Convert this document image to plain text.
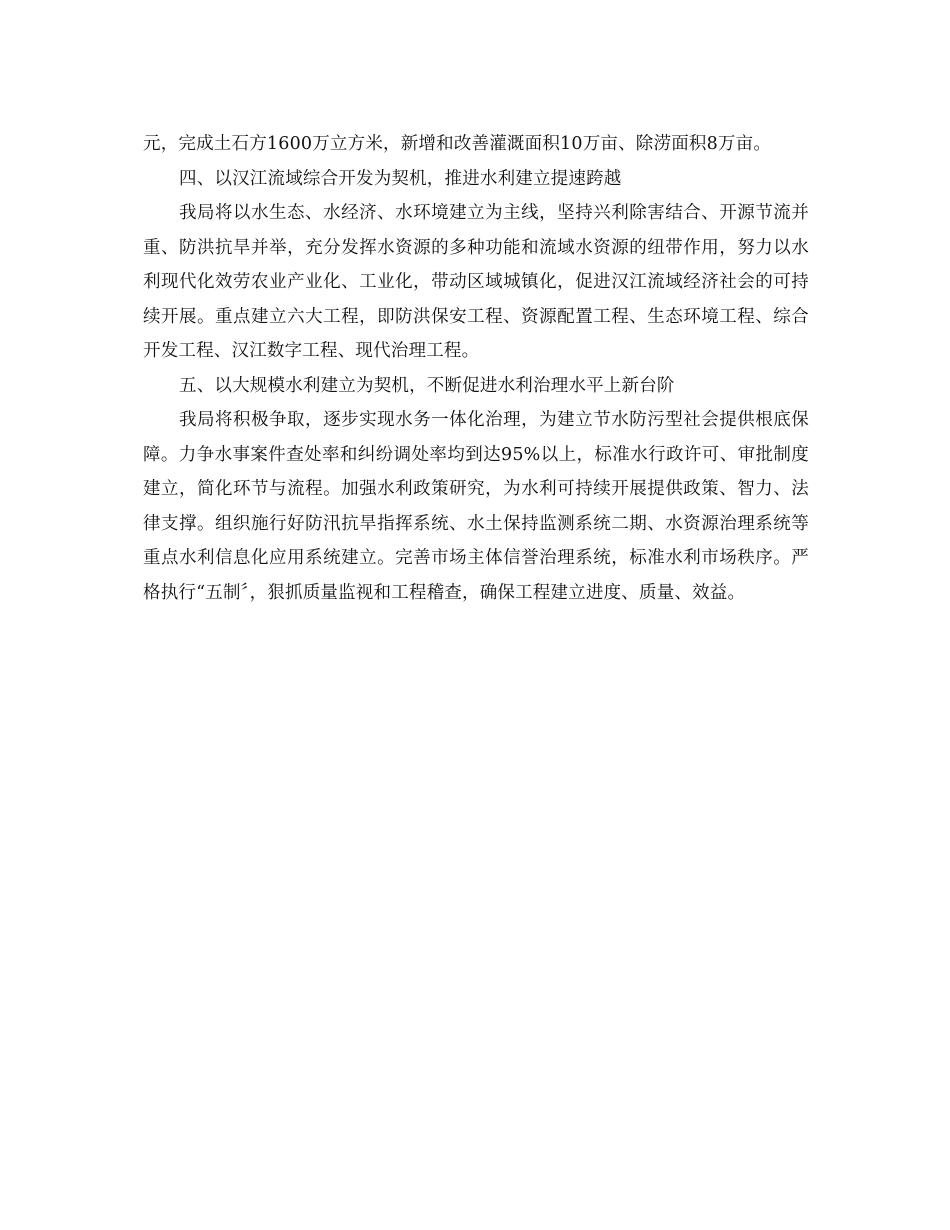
元，完成土石方1600万立方米，新增和改善灌溉面积10万亩、除涝面积8万亩。

四、以汉江流域综合开发为契机，推进水利建立提速跨越

我局将以水生态、水经济、水环境建立为主线，坚持兴利除害结合、开源节流并重、防洪抗旱并举，充分发挥水资源的多种功能和流域水资源的纽带作用，努力以水利现代化效劳农业产业化、工业化，带动区域城镇化，促进汉江流域经济社会的可持续开展。重点建立六大工程，即防洪保安工程、资源配置工程、生态环境工程、综合开发工程、汉江数字工程、现代治理工程。

五、以大规模水利建立为契机，不断促进水利治理水平上新台阶

我局将积极争取，逐步实现水务一体化治理，为建立节水防污型社会提供根底保障。力争水事案件查处率和纠纷调处率均到达95%以上，标准水行政许可、审批制度建立，简化环节与流程。加强水利政策研究，为水利可持续开展提供政策、智力、法律支撑。组织施行好防汛抗旱指挥系统、水土保持监测系统二期、水资源治理系统等重点水利信息化应用系统建立。完善市场主体信誉治理系统，标准水利市场秩序。严格执行“五制〞，狠抓质量监视和工程稽查，确保工程建立进度、质量、效益。
